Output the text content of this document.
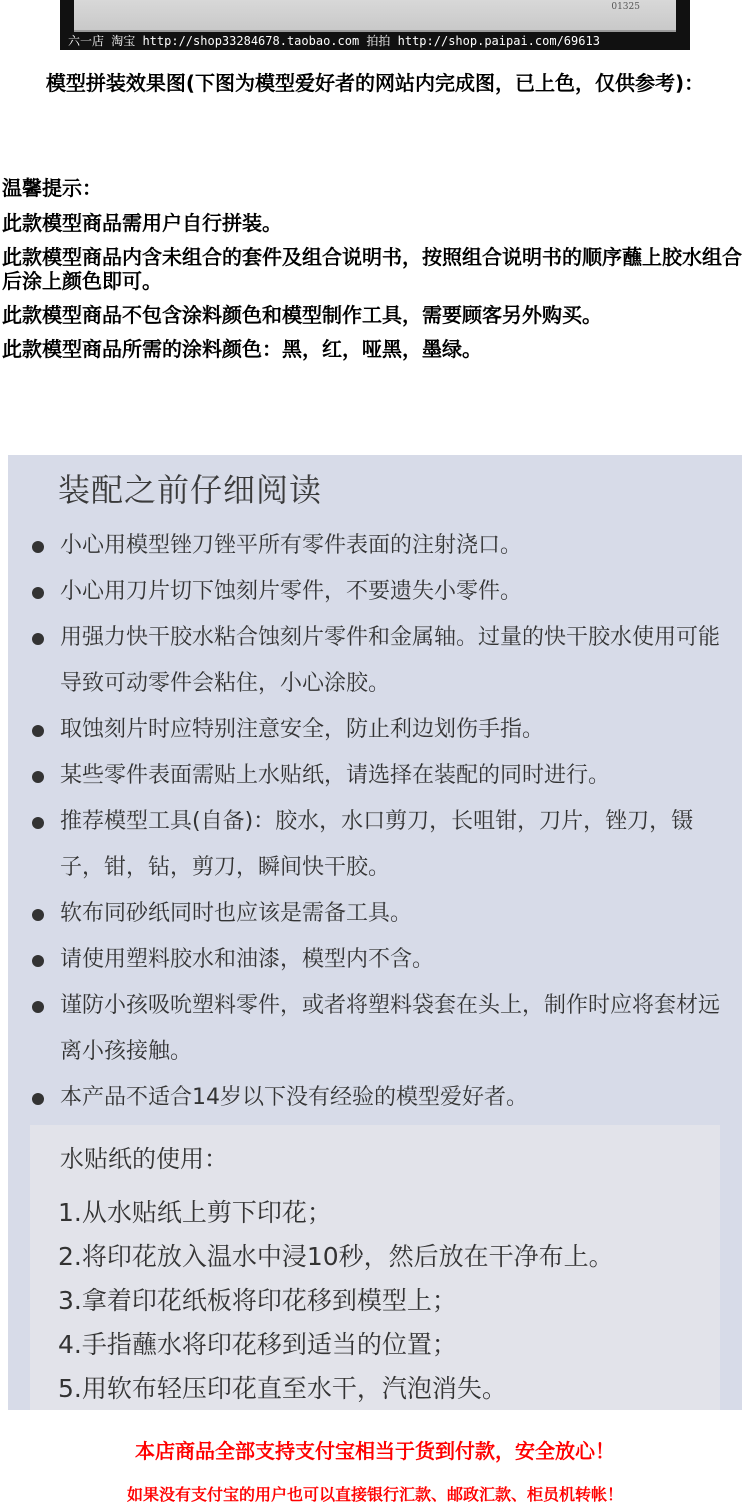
01325
六一店 淘宝 http://shop33284678.taobao.com 拍拍 http://shop.paipai.com/69613
模型拼装效果图(下图为模型爱好者的网站内完成图，已上色，仅供参考)：
温馨提示：

此款模型商品需用户自行拼装。

此款模型商品内含未组合的套件及组合说明书，按照组合说明书的顺序蘸上胶水组合后涂上颜色即可。

此款模型商品不包含涂料颜色和模型制作工具，需要顾客另外购买。

此款模型商品所需的涂料颜色：黑，红，哑黑，墨绿。

装配之前仔细阅读
小心用模型锉刀锉平所有零件表面的注射浇口。
小心用刀片切下蚀刻片零件，不要遗失小零件。
用强力快干胶水粘合蚀刻片零件和金属轴。过量的快干胶水使用可能导致可动零件会粘住，小心涂胶。
取蚀刻片时应特别注意安全，防止利边划伤手指。
某些零件表面需贴上水贴纸，请选择在装配的同时进行。
推荐模型工具(自备)：胶水，水口剪刀，长咀钳，刀片，锉刀，镊子，钳，钻，剪刀，瞬间快干胶。
软布同砂纸同时也应该是需备工具。
请使用塑料胶水和油漆，模型内不含。
谨防小孩吸吮塑料零件，或者将塑料袋套在头上，制作时应将套材远离小孩接触。
本产品不适合14岁以下没有经验的模型爱好者。
水贴纸的使用：
1.从水贴纸上剪下印花；
2.将印花放入温水中浸10秒，然后放在干净布上。
3.拿着印花纸板将印花移到模型上；
4.手指蘸水将印花移到适当的位置；
5.用软布轻压印花直至水干，汽泡消失。
本店商品全部支持支付宝相当于货到付款，安全放心！
如果没有支付宝的用户也可以直接银行汇款、邮政汇款、柜员机转帐！
